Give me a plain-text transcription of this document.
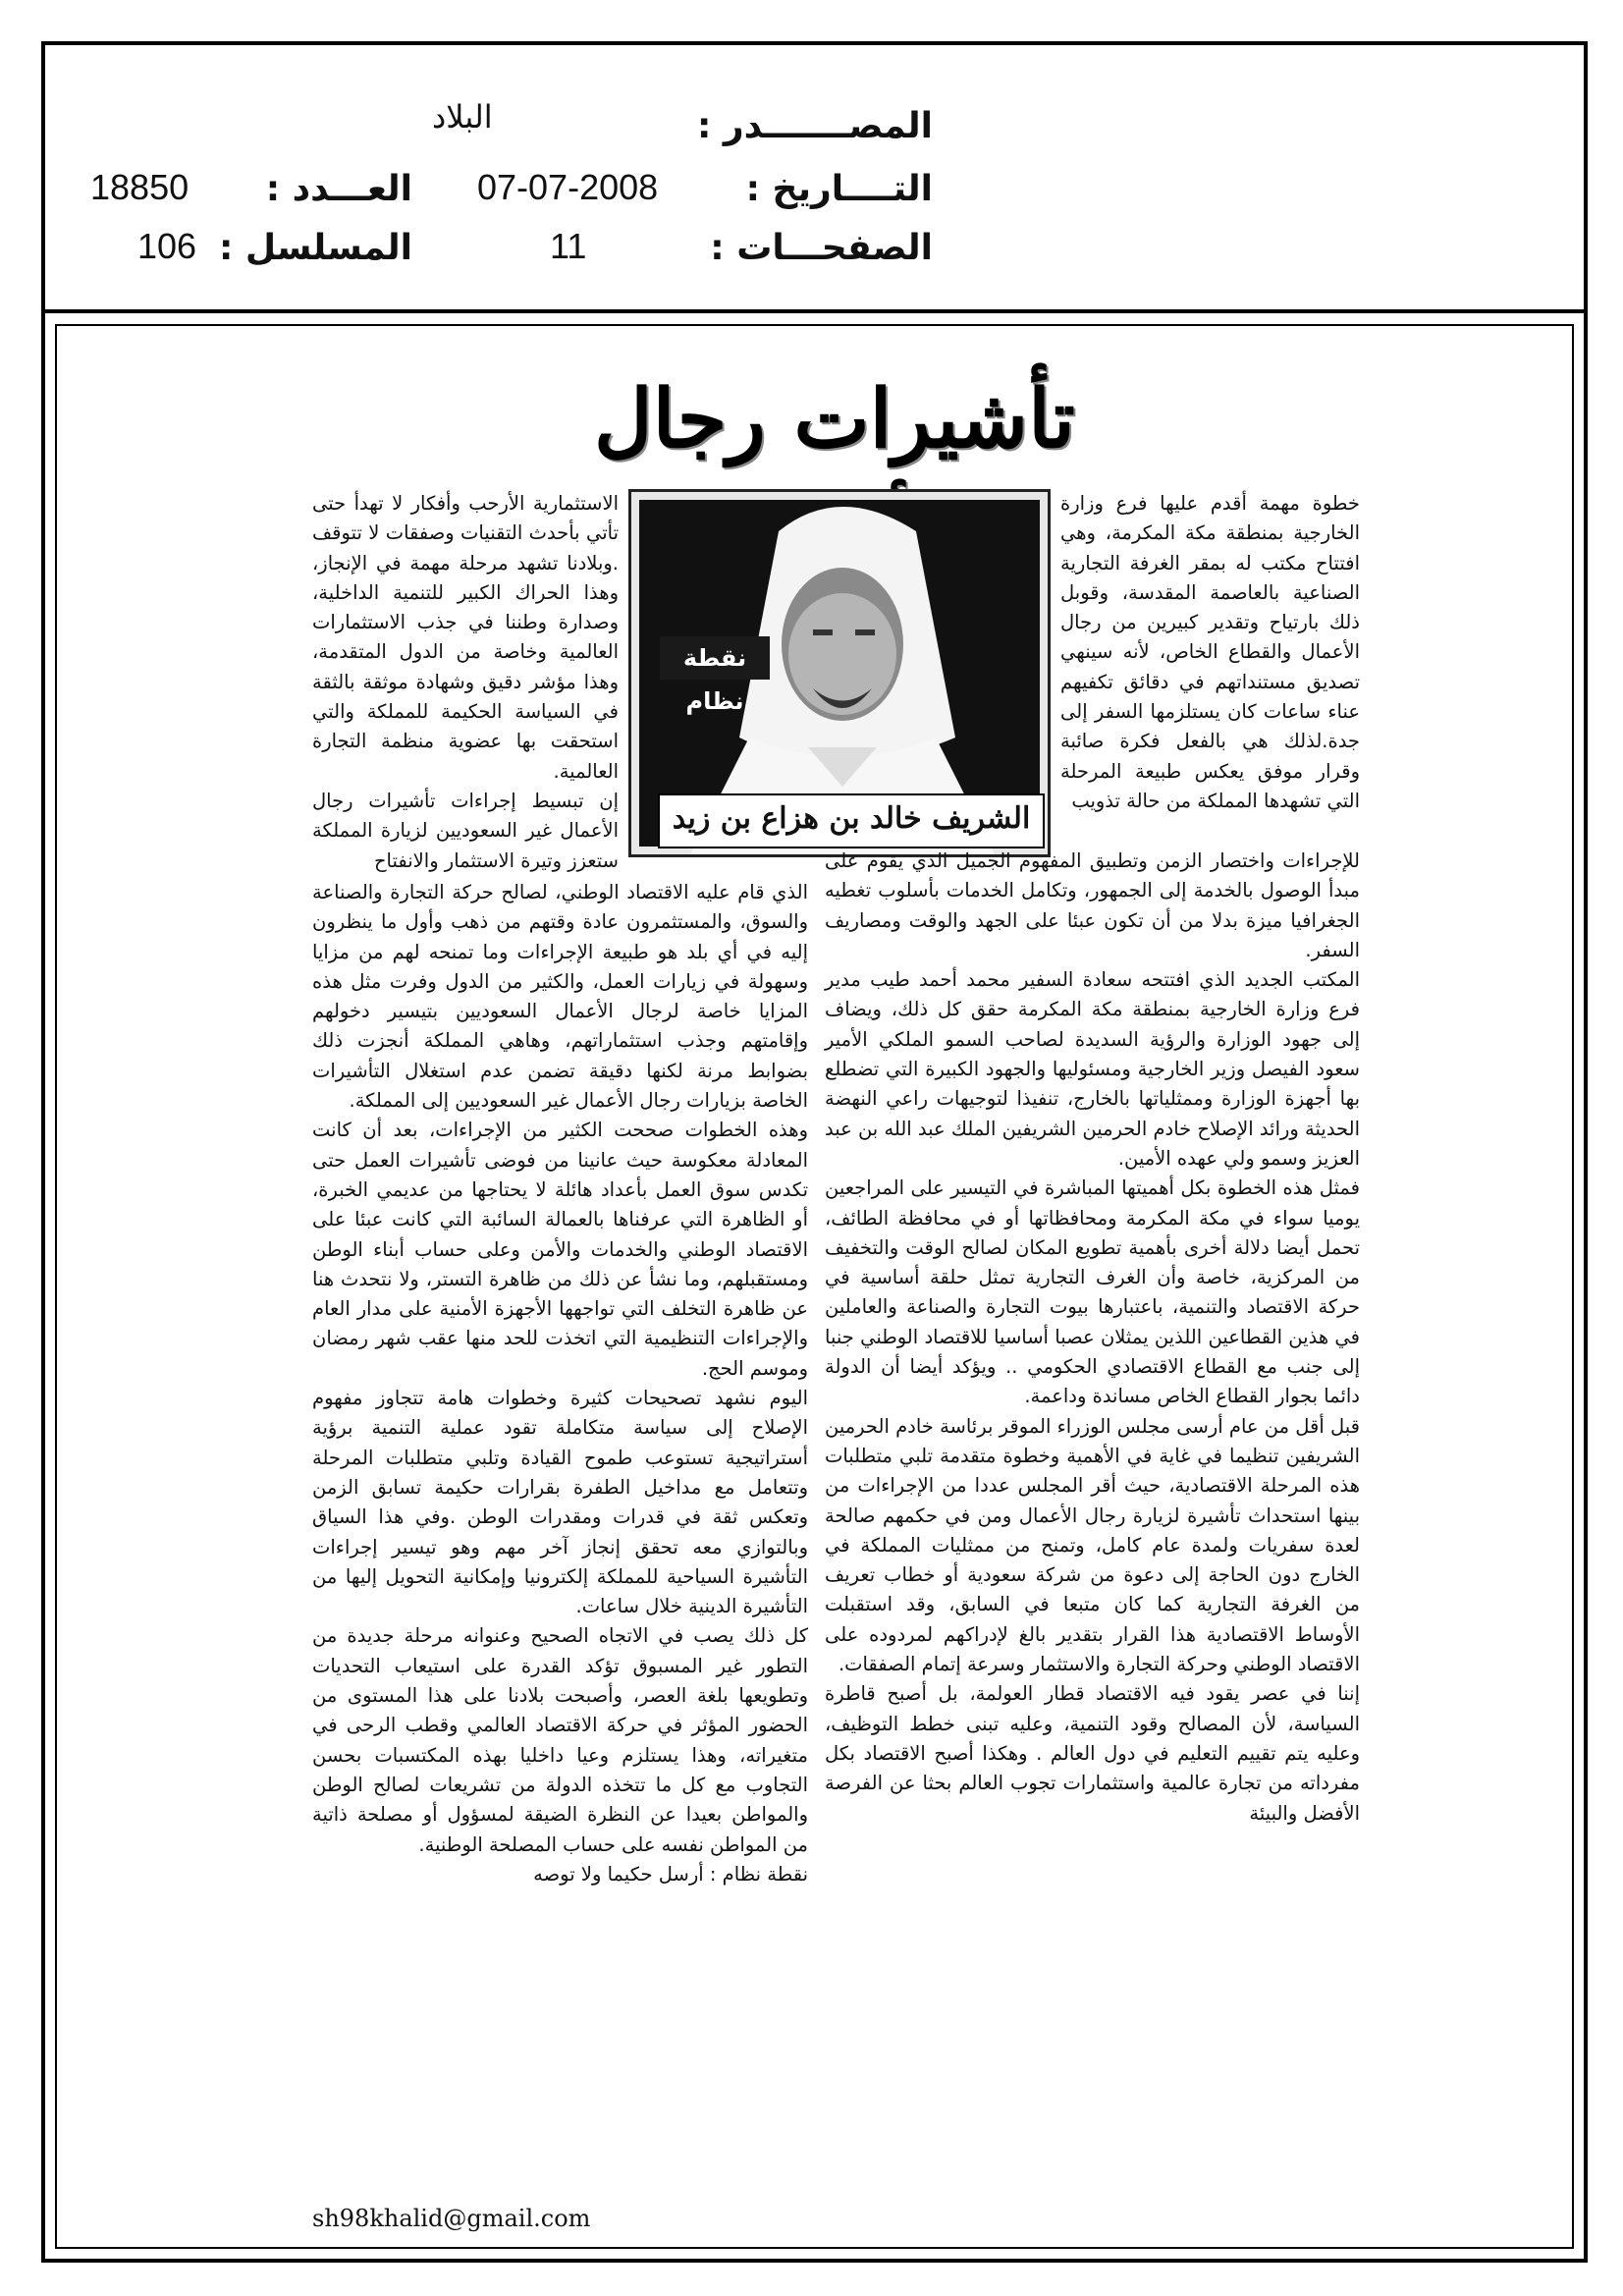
المصـــــــدر :
البلاد
التــــاريخ :
07-07-2008
الصفحـــات :
11
العـــدد :
18850
المسلسل :
106
تأشيرات رجال
نقطة نظام
الشريف خالد بن هزاع بن زيد
خطوة مهمة أقدم عليها فرع وزارة الخارجية بمنطقة مكة المكرمة، وهي افتتاح مكتب له بمقر الغرفة التجارية الصناعية بالعاصمة المقدسة، وقوبل ذلك بارتياح وتقدير كبيرين من رجال الأعمال والقطاع الخاص، لأنه سينهي تصديق مستنداتهم في دقائق تكفيهم عناء ساعات كان يستلزمها السفر إلى جدة.لذلك هي بالفعل فكرة صائبة وقرار موفق يعكس طبيعة المرحلة التي تشهدها المملكة من حالة تذويب
للإجراءات واختصار الزمن وتطبيق المفهوم الجميل الذي يقوم على مبدأ الوصول بالخدمة إلى الجمهور، وتكامل الخدمات بأسلوب تغطيه الجغرافيا ميزة بدلا من أن تكون عبئا على الجهد والوقت ومصاريف السفر.
المكتب الجديد الذي افتتحه سعادة السفير محمد أحمد طيب مدير فرع وزارة الخارجية بمنطقة مكة المكرمة حقق كل ذلك، ويضاف إلى جهود الوزارة والرؤية السديدة لصاحب السمو الملكي الأمير سعود الفيصل وزير الخارجية ومسئوليها والجهود الكبيرة التي تضطلع بها أجهزة الوزارة وممثلياتها بالخارج، تنفيذا لتوجيهات راعي النهضة الحديثة ورائد الإصلاح خادم الحرمين الشريفين الملك عبد الله بن عبد العزيز وسمو ولي عهده الأمين.
فمثل هذه الخطوة بكل أهميتها المباشرة في التيسير على المراجعين يوميا سواء في مكة المكرمة ومحافظاتها أو في محافظة الطائف، تحمل أيضا دلالة أخرى بأهمية تطويع المكان لصالح الوقت والتخفيف من المركزية، خاصة وأن الغرف التجارية تمثل حلقة أساسية في حركة الاقتصاد والتنمية، باعتبارها بيوت التجارة والصناعة والعاملين في هذين القطاعين اللذين يمثلان عصبا أساسيا للاقتصاد الوطني جنبا إلى جنب مع القطاع الاقتصادي الحكومي .. ويؤكد أيضا أن الدولة دائما بجوار القطاع الخاص مساندة وداعمة.
قبل أقل من عام أرسى مجلس الوزراء الموقر برئاسة خادم الحرمين الشريفين تنظيما في غاية في الأهمية وخطوة متقدمة تلبي متطلبات هذه المرحلة الاقتصادية، حيث أقر المجلس عددا من الإجراءات من بينها استحداث تأشيرة لزيارة رجال الأعمال ومن في حكمهم صالحة لعدة سفريات ولمدة عام كامل، وتمنح من ممثليات المملكة في الخارج دون الحاجة إلى دعوة من شركة سعودية أو خطاب تعريف من الغرفة التجارية كما كان متبعا في السابق، وقد استقبلت الأوساط الاقتصادية هذا القرار بتقدير بالغ لإدراكهم لمردوده على الاقتصاد الوطني وحركة التجارة والاستثمار وسرعة إتمام الصفقات.
إننا في عصر يقود فيه الاقتصاد قطار العولمة، بل أصبح قاطرة السياسة، لأن المصالح وقود التنمية، وعليه تبنى خطط التوظيف، وعليه يتم تقييم التعليم في دول العالم . وهكذا أصبح الاقتصاد بكل مفرداته من تجارة عالمية واستثمارات تجوب العالم بحثا عن الفرصة الأفضل والبيئة
الاستثمارية الأرحب وأفكار لا تهدأ حتى تأتي بأحدث التقنيات وصفقات لا تتوقف .وبلادنا تشهد مرحلة مهمة في الإنجاز، وهذا الحراك الكبير للتنمية الداخلية، وصدارة وطننا في جذب الاستثمارات العالمية وخاصة من الدول المتقدمة، وهذا مؤشر دقيق وشهادة موثقة بالثقة في السياسة الحكيمة للمملكة والتي استحقت بها عضوية منظمة التجارة العالمية.
إن تبسيط إجراءات تأشيرات رجال الأعمال غير السعوديين لزيارة المملكة ستعزز وتيرة الاستثمار والانفتاح
الذي قام عليه الاقتصاد الوطني، لصالح حركة التجارة والصناعة والسوق، والمستثمرون عادة وقتهم من ذهب وأول ما ينظرون إليه في أي بلد هو طبيعة الإجراءات وما تمنحه لهم من مزايا وسهولة في زيارات العمل، والكثير من الدول وفرت مثل هذه المزايا خاصة لرجال الأعمال السعوديين بتيسير دخولهم وإقامتهم وجذب استثماراتهم، وهاهي المملكة أنجزت ذلك بضوابط مرنة لكنها دقيقة تضمن عدم استغلال التأشيرات الخاصة بزيارات رجال الأعمال غير السعوديين إلى المملكة.
وهذه الخطوات صححت الكثير من الإجراءات، بعد أن كانت المعادلة معكوسة حيث عانينا من فوضى تأشيرات العمل حتى تكدس سوق العمل بأعداد هائلة لا يحتاجها من عديمي الخبرة، أو الظاهرة التي عرفناها بالعمالة السائبة التي كانت عبئا على الاقتصاد الوطني والخدمات والأمن وعلى حساب أبناء الوطن ومستقبلهم، وما نشأ عن ذلك من ظاهرة التستر، ولا نتحدث هنا عن ظاهرة التخلف التي تواجهها الأجهزة الأمنية على مدار العام والإجراءات التنظيمية التي اتخذت للحد منها عقب شهر رمضان وموسم الحج.
اليوم نشهد تصحيحات كثيرة وخطوات هامة تتجاوز مفهوم الإصلاح إلى سياسة متكاملة تقود عملية التنمية برؤية أستراتيجية تستوعب طموح القيادة وتلبي متطلبات المرحلة وتتعامل مع مداخيل الطفرة بقرارات حكيمة تسابق الزمن وتعكس ثقة في قدرات ومقدرات الوطن .وفي هذا السياق وبالتوازي معه تحقق إنجاز آخر مهم وهو تيسير إجراءات التأشيرة السياحية للمملكة إلكترونيا وإمكانية التحويل إليها من التأشيرة الدينية خلال ساعات.
كل ذلك يصب في الاتجاه الصحيح وعنوانه مرحلة جديدة من التطور غير المسبوق تؤكد القدرة على استيعاب التحديات وتطويعها بلغة العصر، وأصبحت بلادنا على هذا المستوى من الحضور المؤثر في حركة الاقتصاد العالمي وقطب الرحى في متغيراته، وهذا يستلزم وعيا داخليا بهذه المكتسبات بحسن التجاوب مع كل ما تتخذه الدولة من تشريعات لصالح الوطن والمواطن بعيدا عن النظرة الضيقة لمسؤول أو مصلحة ذاتية من المواطن نفسه على حساب المصلحة الوطنية.
نقطة نظام : أرسل حكيما ولا توصه
sh98khalid@gmail.com
